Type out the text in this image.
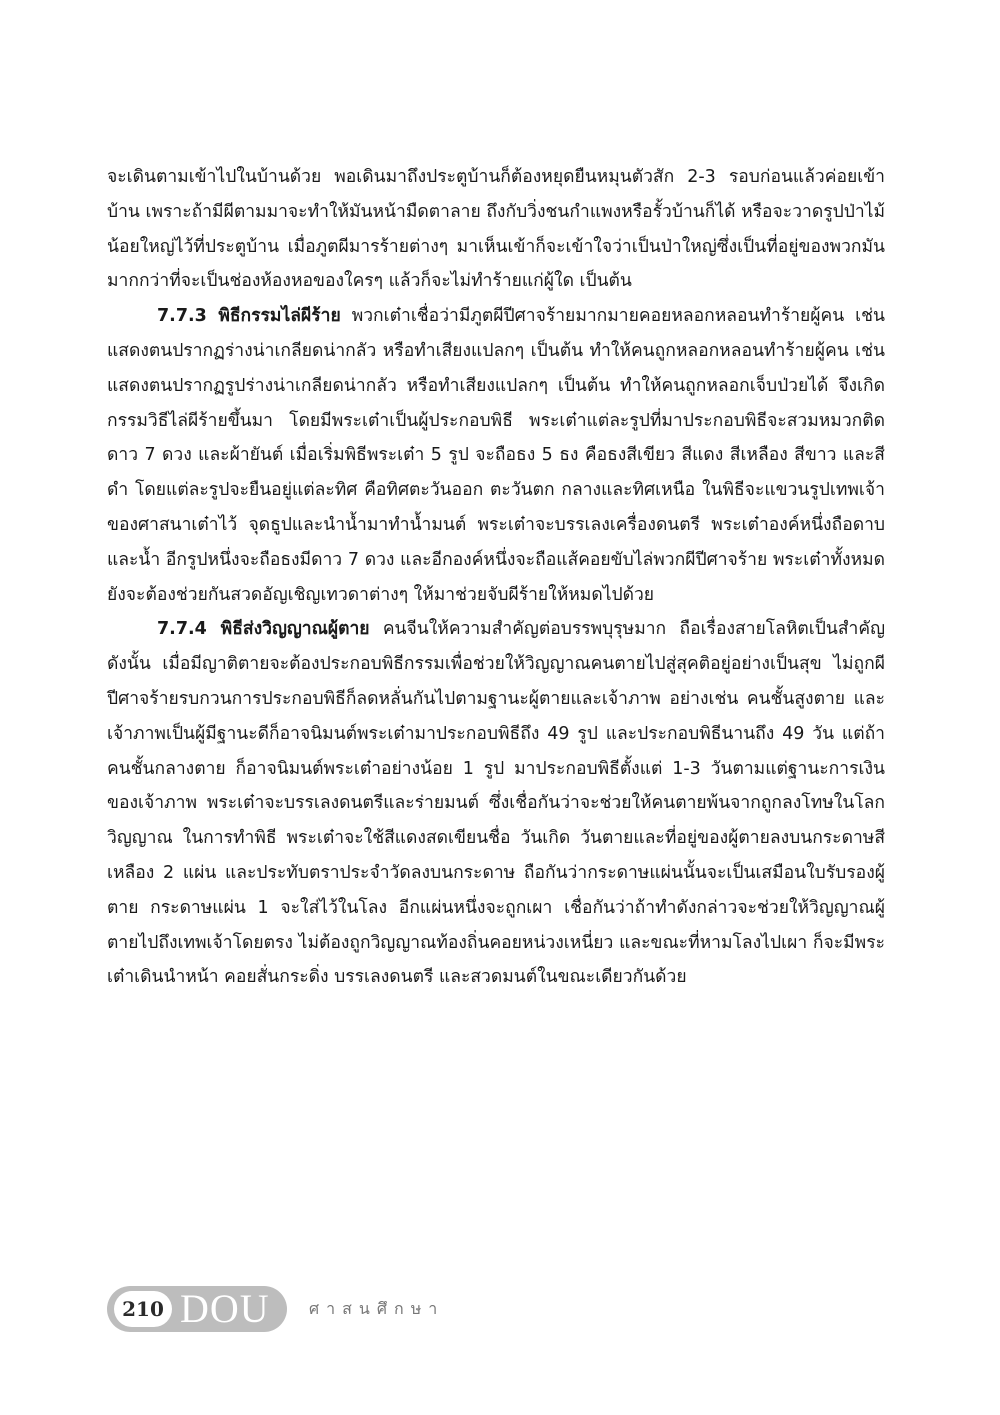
จะเดินตามเข้าไปในบ้านด้วย พอเดินมาถึงประตูบ้านก็ต้องหยุดยืนหมุนตัวสัก 2-3 รอบก่อนแล้วค่อยเข้าบ้าน เพราะถ้ามีผีตามมาจะทำให้มันหน้ามืดตาลาย ถึงกับวิ่งชนกำแพงหรือรั้วบ้านก็ได้ หรือจะวาดรูปป่าไม้น้อยใหญ่ไว้ที่ประตูบ้าน เมื่อภูตผีมารร้ายต่างๆ มาเห็นเข้าก็จะเข้าใจว่าเป็นป่าใหญ่ซึ่งเป็นที่อยู่ของพวกมันมากกว่าที่จะเป็นช่องห้องหอของใครๆ แล้วก็จะไม่ทำร้ายแก่ผู้ใด เป็นต้น

7.7.3 พิธีกรรมไล่ผีร้าย พวกเต๋าเชื่อว่ามีภูตผีปีศาจร้ายมากมายคอยหลอกหลอนทำร้ายผู้คน เช่นแสดงตนปรากฏร่างน่าเกลียดน่ากลัว หรือทำเสียงแปลกๆ เป็นต้น ทำให้คนถูกหลอกหลอนทำร้ายผู้คน เช่นแสดงตนปรากฏรูปร่างน่าเกลียดน่ากลัว หรือทำเสียงแปลกๆ เป็นต้น ทำให้คนถูกหลอกเจ็บป่วยได้ จึงเกิดกรรมวิธีไล่ผีร้ายขึ้นมา โดยมีพระเต๋าเป็นผู้ประกอบพิธี พระเต๋าแต่ละรูปที่มาประกอบพิธีจะสวมหมวกติดดาว 7 ดวง และผ้ายันต์ เมื่อเริ่มพิธีพระเต๋า 5 รูป จะถือธง 5 ธง คือธงสีเขียว สีแดง สีเหลือง สีขาว และสีดำ โดยแต่ละรูปจะยืนอยู่แต่ละทิศ คือทิศตะวันออก ตะวันตก กลางและทิศเหนือ ในพิธีจะแขวนรูปเทพเจ้าของศาสนาเต๋าไว้ จุดธูปและนำน้ำมาทำน้ำมนต์ พระเต๋าจะบรรเลงเครื่องดนตรี พระเต๋าองค์หนึ่งถือดาบและน้ำ อีกรูปหนึ่งจะถือธงมีดาว 7 ดวง และอีกองค์หนึ่งจะถือแส้คอยขับไล่พวกผีปีศาจร้าย พระเต๋าทั้งหมดยังจะต้องช่วยกันสวดอัญเชิญเทวดาต่างๆ ให้มาช่วยจับผีร้ายให้หมดไปด้วย

7.7.4 พิธีส่งวิญญาณผู้ตาย คนจีนให้ความสำคัญต่อบรรพบุรุษมาก ถือเรื่องสายโลหิตเป็นสำคัญ ดังนั้น เมื่อมีญาติตายจะต้องประกอบพิธีกรรมเพื่อช่วยให้วิญญาณคนตายไปสู่สุคติอยู่อย่างเป็นสุข ไม่ถูกผีปีศาจร้ายรบกวนการประกอบพิธีก็ลดหลั่นกันไปตามฐานะผู้ตายและเจ้าภาพ อย่างเช่น คนชั้นสูงตาย และเจ้าภาพเป็นผู้มีฐานะดีก็อาจนิมนต์พระเต๋ามาประกอบพิธีถึง 49 รูป และประกอบพิธีนานถึง 49 วัน แต่ถ้าคนชั้นกลางตาย ก็อาจนิมนต์พระเต๋าอย่างน้อย 1 รูป มาประกอบพิธีตั้งแต่ 1-3 วันตามแต่ฐานะการเงินของเจ้าภาพ พระเต๋าจะบรรเลงดนตรีและร่ายมนต์ ซึ่งเชื่อกันว่าจะช่วยให้คนตายพ้นจากถูกลงโทษในโลกวิญญาณ ในการทำพิธี พระเต๋าจะใช้สีแดงสดเขียนชื่อ วันเกิด วันตายและที่อยู่ของผู้ตายลงบนกระดาษสีเหลือง 2 แผ่น และประทับตราประจำวัดลงบนกระดาษ ถือกันว่ากระดาษแผ่นนั้นจะเป็นเสมือนใบรับรองผู้ตาย กระดาษแผ่น 1 จะใส่ไว้ในโลง อีกแผ่นหนึ่งจะถูกเผา เชื่อกันว่าถ้าทำดังกล่าวจะช่วยให้วิญญาณผู้ตายไปถึงเทพเจ้าโดยตรง ไม่ต้องถูกวิญญาณท้องถิ่นคอยหน่วงเหนี่ยว และขณะที่หามโลงไปเผา ก็จะมีพระเต๋าเดินนำหน้า คอยสั่นกระดิ่ง บรรเลงดนตรี และสวดมนต์ในขณะเดียวกันด้วย

210 DOU ศาสนศึกษา
